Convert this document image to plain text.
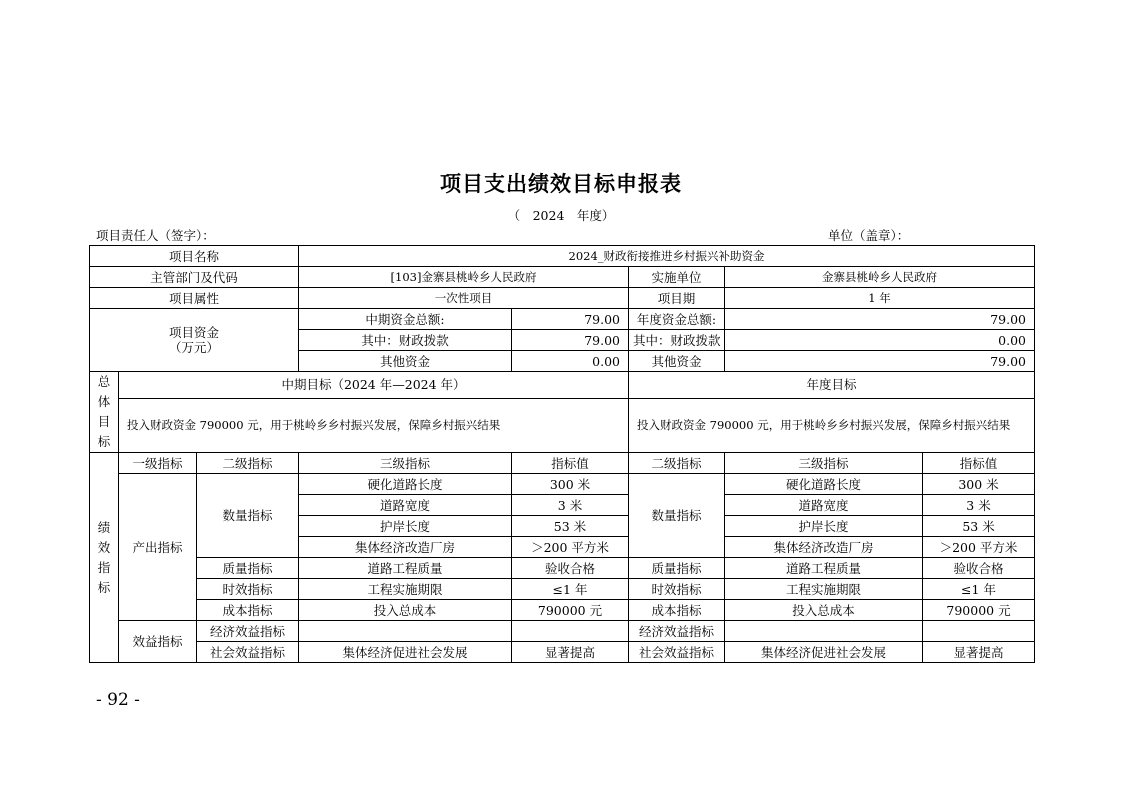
项目支出绩效目标申报表
（　2024　年度）
项目责任人（签字）：	单位（盖章）：
项目名称			2024_财政衔接推进乡村振兴补助资金				
主管部门及代码			[103]金寨县桃岭乡人民政府		实施单位	金寨县桃岭乡人民政府	
项目属性			一次性项目		项目期	1 年	

项目资金
（万元）			中期资金总额:	79.00	年度资金总额:	79.00	
			其中：财政拨款	79.00	其中：财政拨款	0.00	
			其他资金	0.00	其他资金	79.00	

总
体
目
标	中期目标（2024 年—2024 年）				年度目标		
	投入财政资金 790000 元，用于桃岭乡乡村振兴发展，保障乡村振兴结果				投入财政资金 790000 元，用于桃岭乡乡村振兴发展，保障乡村振兴结果		

绩
效
指
标	一级指标	二级指标	三级指标	指标值	二级指标	三级指标	指标值
	产出指标	数量指标	硬化道路长度	300 米	数量指标	硬化道路长度	300 米
			道路宽度	3 米		道路宽度	3 米
			护岸长度	53 米		护岸长度	53 米
			集体经济改造厂房	＞200 平方米		集体经济改造厂房	＞200 平方米
		质量指标	道路工程质量	验收合格	质量指标	道路工程质量	验收合格
		时效指标	工程实施期限	≤1 年	时效指标	工程实施期限	≤1 年
		成本指标	投入总成本	790000 元	成本指标	投入总成本	790000 元
	效益指标	经济效益指标			经济效益指标		
		社会效益指标	集体经济促进社会发展	显著提高	社会效益指标	集体经济促进社会发展	显著提高
- 92 -
